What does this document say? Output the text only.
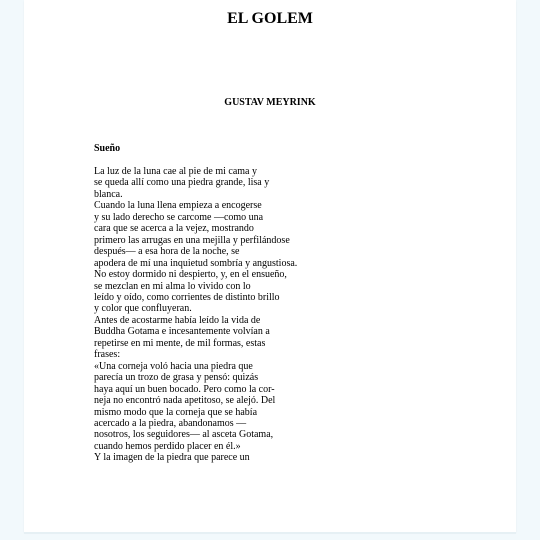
EL GOLEM
GUSTAV MEYRINK
Sueño
La luz de la luna cae al pie de mi cama y
se queda allí como una piedra grande, lisa y
blanca.
Cuando la luna llena empieza a encogerse
y su lado derecho se carcome —como una
cara que se acerca a la vejez, mostrando
primero las arrugas en una mejilla y perfilándose
después— a esa hora de la noche, se
apodera de mí una inquietud sombría y angustiosa.
No estoy dormido ni despierto, y, en el ensueño,
se mezclan en mi alma lo vivido con lo
leído y oído, como corrientes de distinto brillo
y color que confluyeran.
Antes de acostarme había leído la vida de
Buddha Gotama e incesantemente volvían a
repetirse en mi mente, de mil formas, estas
frases:
«Una corneja voló hacia una piedra que
parecía un trozo de grasa y pensó: quizás
haya aquí un buen bocado. Pero como la cor-
neja no encontró nada apetitoso, se alejó. Del
mismo modo que la corneja que se había
acercado a la piedra, abandonamos —
nosotros, los seguidores— al asceta Gotama,
cuando hemos perdido placer en él.»
Y la imagen de la piedra que parece un
